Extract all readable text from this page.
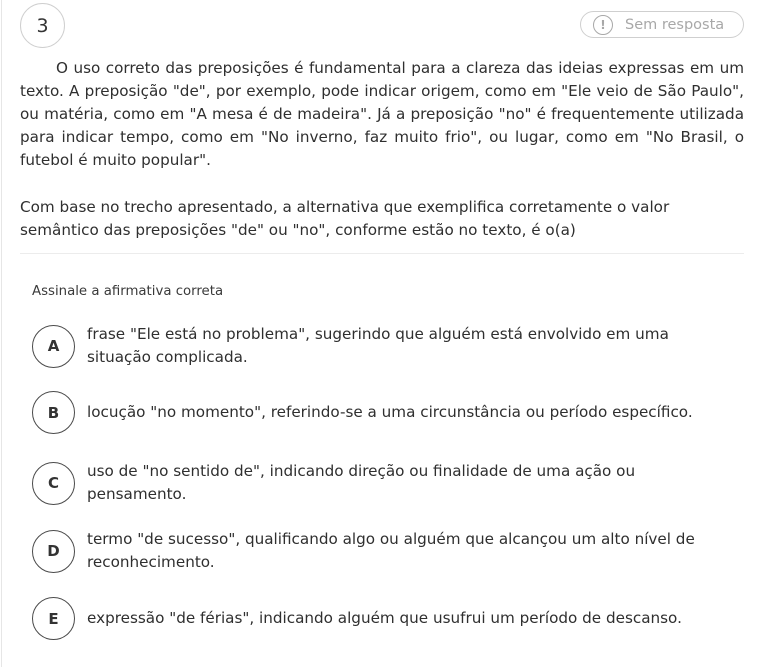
3	!	Sem resposta

O uso correto das preposições é fundamental para a clareza das ideias expressas em um texto. A preposição "de", por exemplo, pode indicar origem, como em "Ele veio de São Paulo", ou matéria, como em "A mesa é de madeira". Já a preposição "no" é frequentemente utilizada para indicar tempo, como em "No inverno, faz muito frio", ou lugar, como em "No Brasil, o futebol é muito popular".

Com base no trecho apresentado, a alternativa que exemplifica corretamente o valor semântico das preposições "de" ou "no", conforme estão no texto, é o(a)

Assinale a afirmativa correta
A
frase "Ele está no problema", sugerindo que alguém está envolvido em uma situação complicada.
B	locução "no momento", referindo-se a uma circunstância ou período específico.
C
uso de "no sentido de", indicando direção ou finalidade de uma ação ou pensamento.
D
termo "de sucesso", qualificando algo ou alguém que alcançou um alto nível de reconhecimento.
E	expressão "de férias", indicando alguém que usufrui um período de descanso.
